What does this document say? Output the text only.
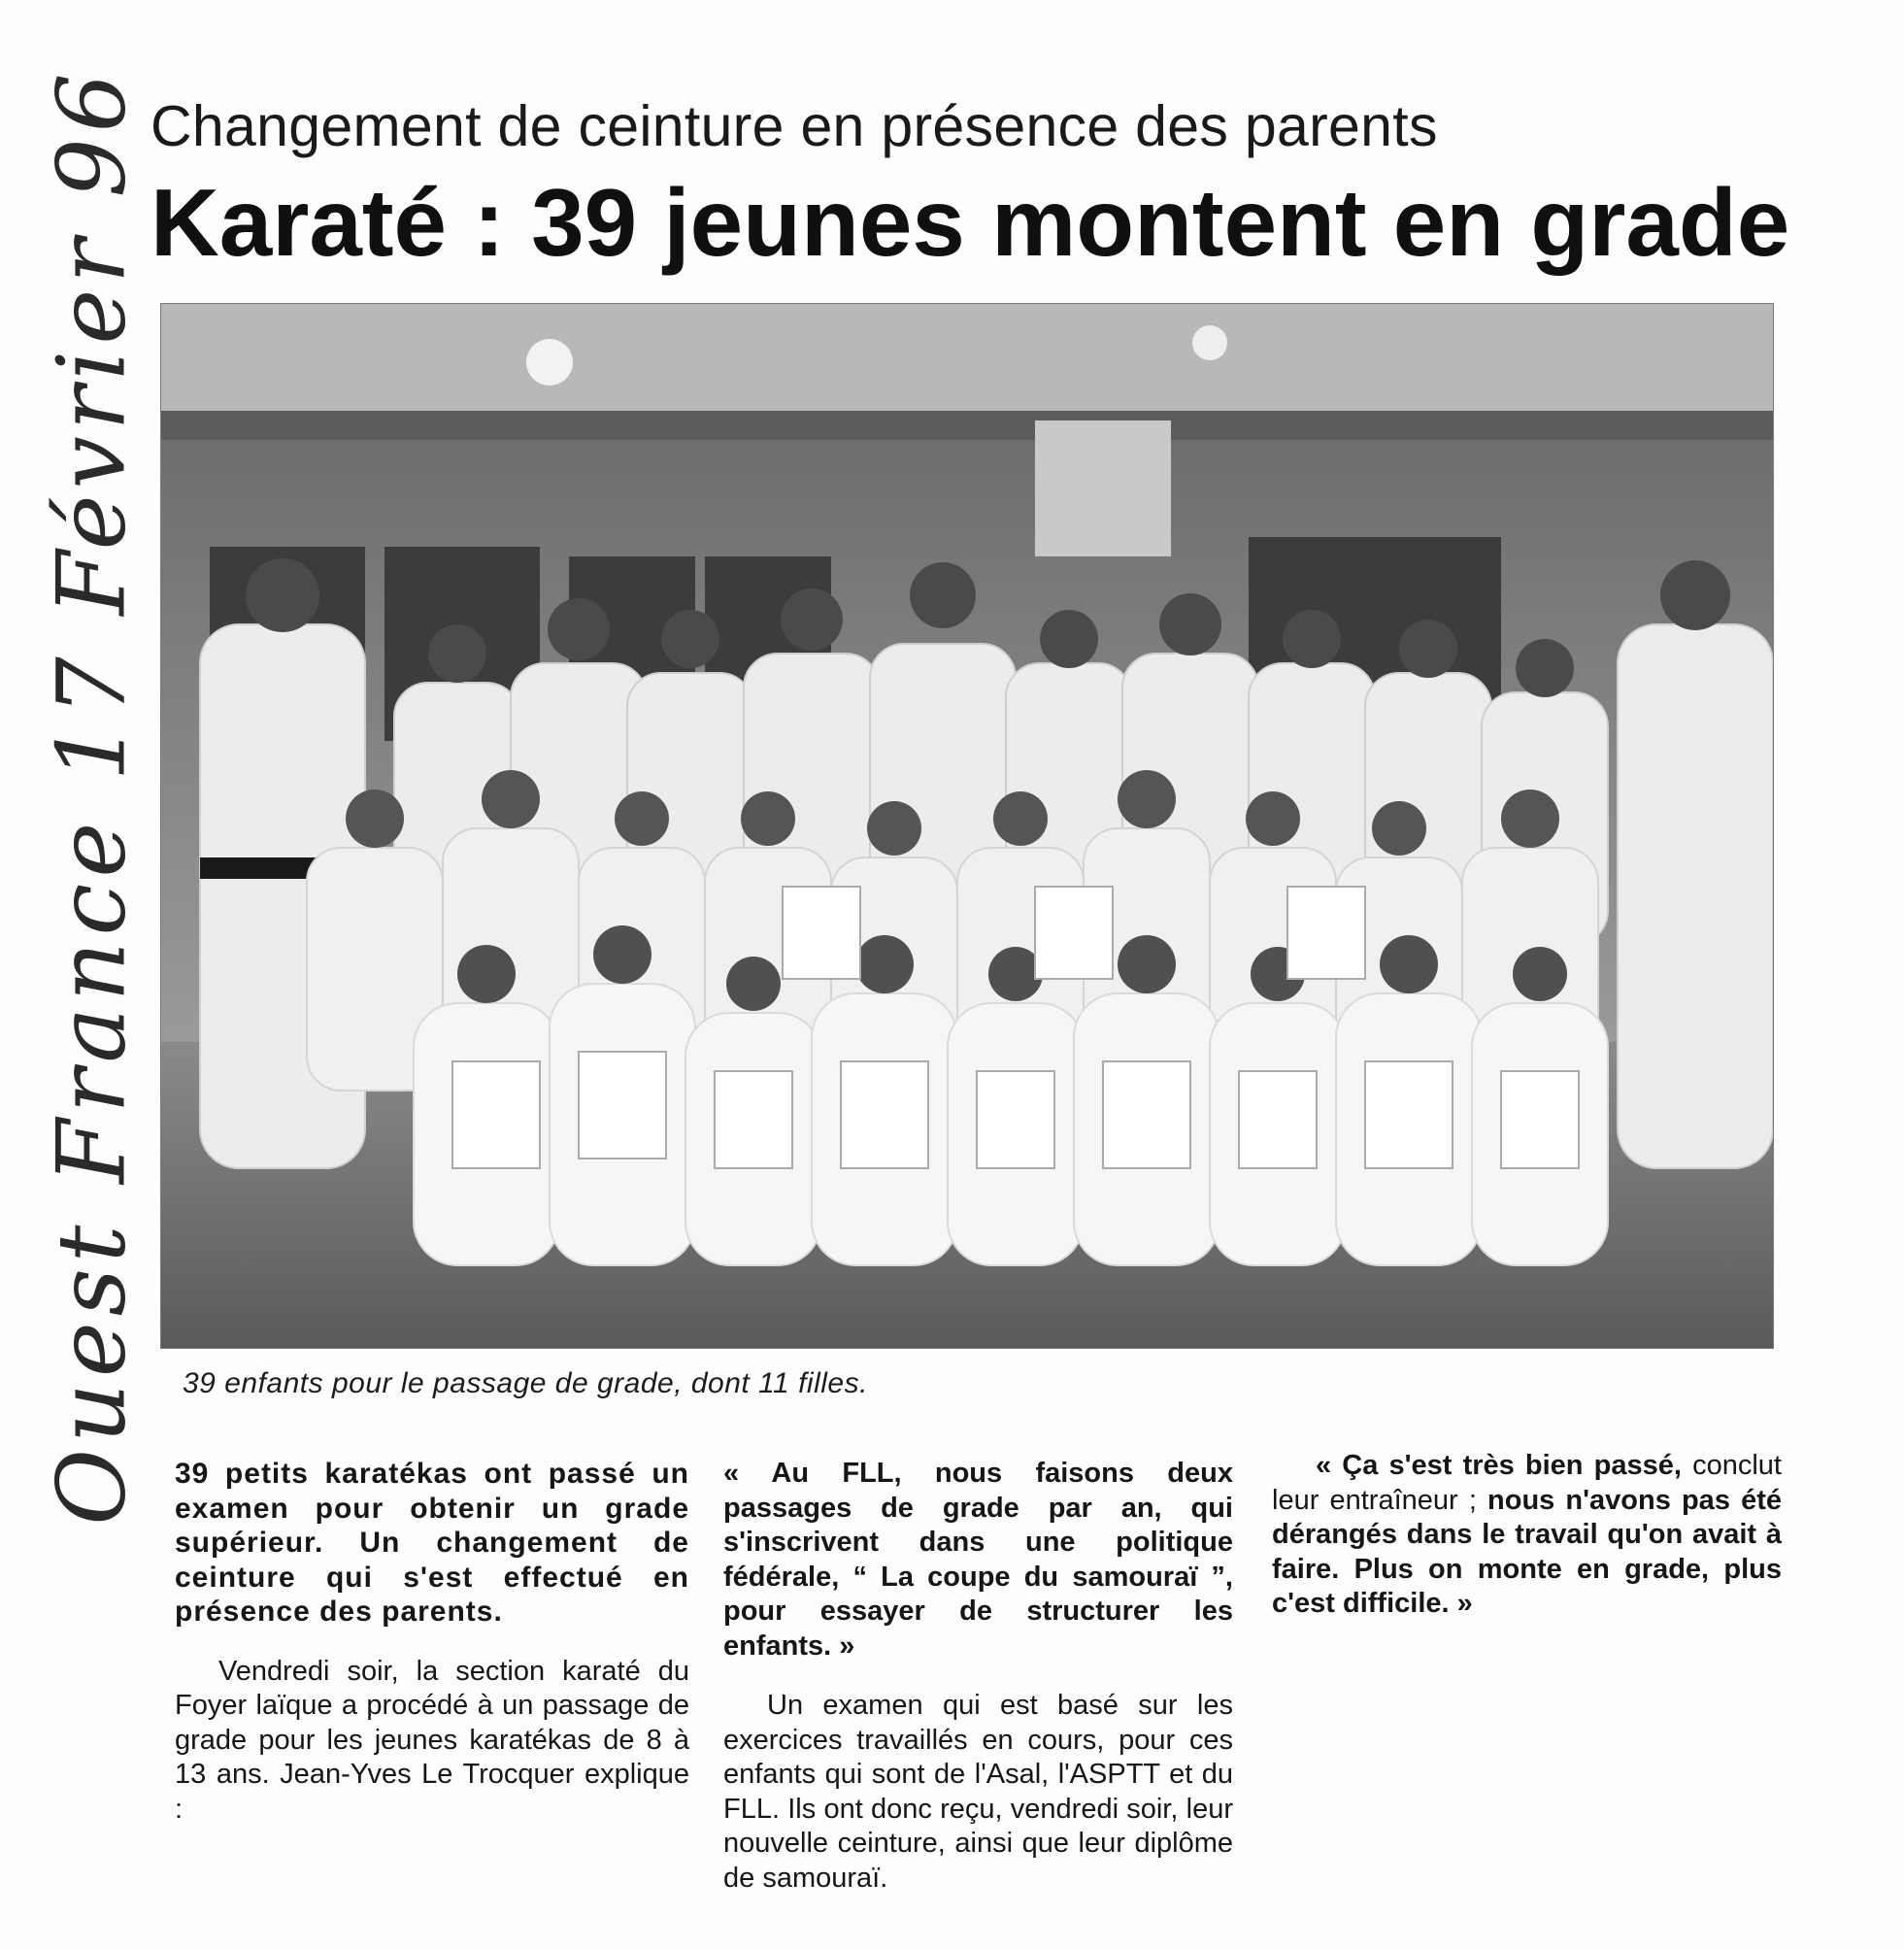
Ouest France 17 Février 96 Changement de ceinture en présence des parents
Karaté : 39 jeunes montent en grade
39 enfants pour le passage de grade, dont 11 filles.

39 petits karatékas ont passé un examen pour obtenir un grade supérieur. Un changement de ceinture qui s'est effectué en présence des parents.

Vendredi soir, la section karaté du Foyer laïque a procédé à un passage de grade pour les jeunes karatékas de 8 à 13 ans. Jean-Yves Le Trocquer explique :

« Au FLL, nous faisons deux passages de grade par an, qui s'inscrivent dans une politique fédérale, “ La coupe du samouraï ”, pour essayer de structurer les enfants. »

Un examen qui est basé sur les exercices travaillés en cours, pour ces enfants qui sont de l'Asal, l'ASPTT et du FLL. Ils ont donc reçu, vendredi soir, leur nouvelle ceinture, ainsi que leur diplôme de samouraï.

« Ça s'est très bien passé, conclut leur entraîneur ; nous n'avons pas été dérangés dans le travail qu'on avait à faire. Plus on monte en grade, plus c'est difficile. »
